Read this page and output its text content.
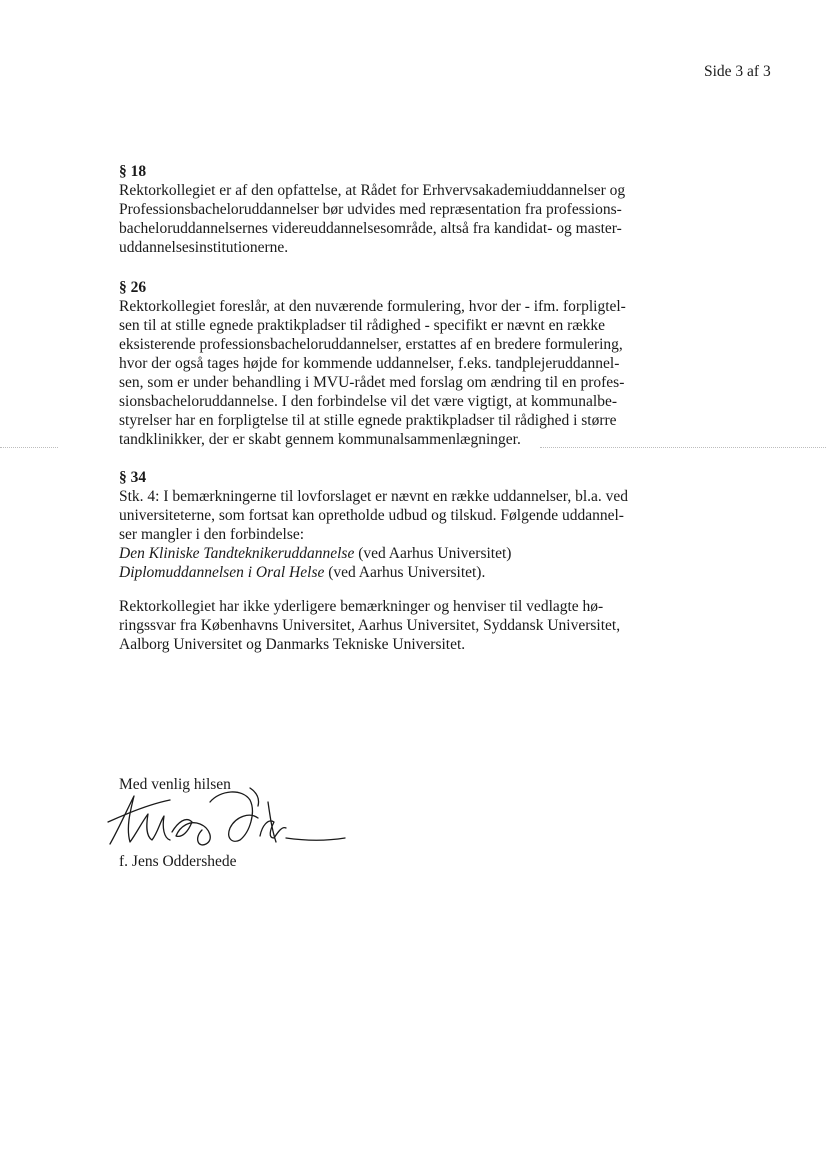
Side 3 af 3

§ 18

Rektorkollegiet er af den opfattelse, at Rådet for Erhvervsakademiuddannelser og

Professionsbacheloruddannelser bør udvides med repræsentation fra professions-

bacheloruddannelsernes videreuddannelsesområde, altså fra kandidat- og master-

uddannelsesinstitutionerne.

§ 26

Rektorkollegiet foreslår, at den nuværende formulering, hvor der - ifm. forpligtel-

sen til at stille egnede praktikpladser til rådighed - specifikt er nævnt en række

eksisterende professionsbacheloruddannelser, erstattes af en bredere formulering,

hvor der også tages højde for kommende uddannelser, f.eks. tandplejeruddannel-

sen, som er under behandling i MVU-rådet med forslag om ændring til en profes-

sionsbacheloruddannelse. I den forbindelse vil det være vigtigt, at kommunalbe-

styrelser har en forpligtelse til at stille egnede praktikpladser til rådighed i større

tandklinikker, der er skabt gennem kommunalsammenlægninger.

§ 34

Stk. 4: I bemærkningerne til lovforslaget er nævnt en række uddannelser, bl.a. ved

universiteterne, som fortsat kan opretholde udbud og tilskud. Følgende uddannel-

ser mangler i den forbindelse:

Den Kliniske Tandteknikeruddannelse (ved Aarhus Universitet)

Diplomuddannelsen i Oral Helse (ved Aarhus Universitet).

Rektorkollegiet har ikke yderligere bemærkninger og henviser til vedlagte hø-

ringssvar fra Københavns Universitet, Aarhus Universitet, Syddansk Universitet,

Aalborg Universitet og Danmarks Tekniske Universitet.

Med venlig hilsen
f. Jens Oddershede
